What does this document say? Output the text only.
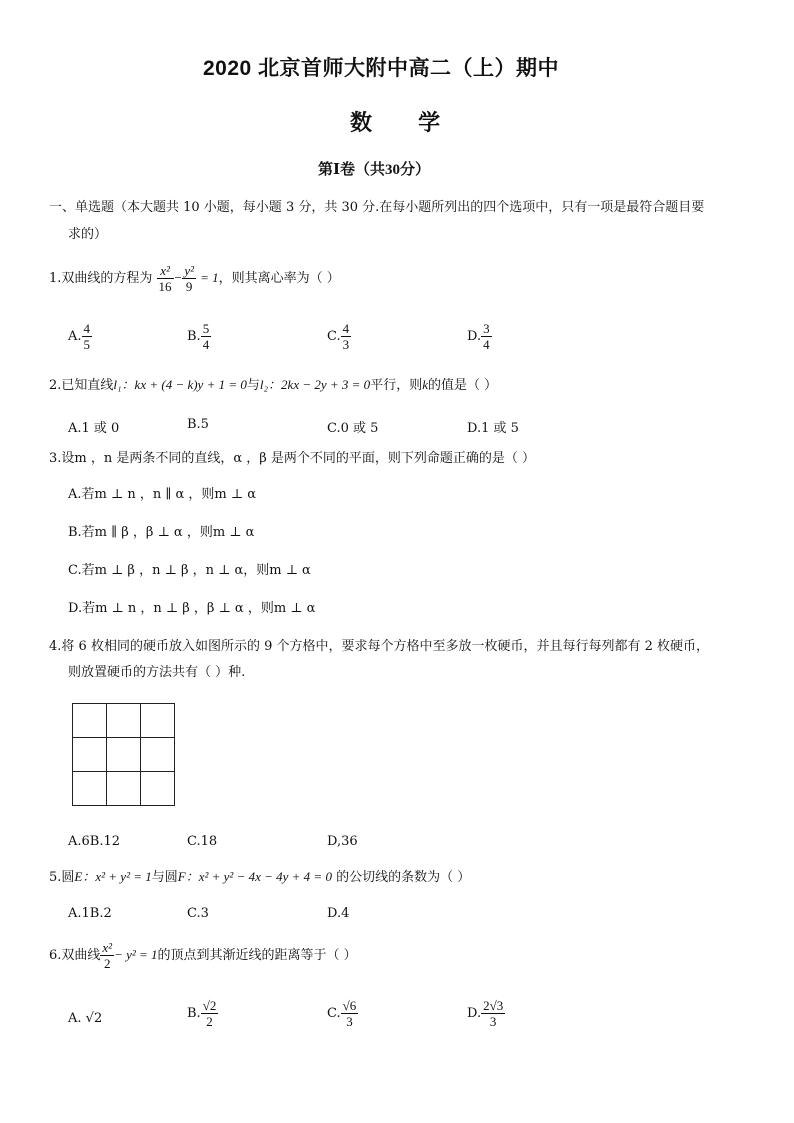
2020 北京首师大附中高二（上）期中
数 学
第Ⅰ卷（共30分）
一、单选题（本大题共 10 小题，每小题 3 分，共 30 分.在每小题所列出的四个选项中，只有一项是最符合题目要
求的）
1.双曲线的方程为 $\frac{\text{x²}}{16} - \frac{\text{y²}}{9} = 1$，则其离心率为（ ）
A. $\frac{4}{5}$	B. $\frac{5}{4}$	C. $\frac{4}{3}$	D. $\frac{3}{4}$
2.已知直线l₁：kx + (4 − k)y + 1 = 0与l₂：2kx − 2y + 3 = 0平行，则k的值是（ ）
A.1 或 0	B.5	C.0 或 5	D.1 或 5
3.设m ，n 是两条不同的直线，α ，β 是两个不同的平面，则下列命题正确的是（ ）
A.若m ⊥ n ，n ∥ α ，则m ⊥ α
B.若m ∥ β ，β ⊥ α ，则m ⊥ α
C.若m ⊥ β ，n ⊥ β ，n ⊥ α，则m ⊥ α
D.若m ⊥ n ，n ⊥ β ，β ⊥ α ，则m ⊥ α
4.将 6 枚相同的硬币放入如图所示的 9 个方格中，要求每个方格中至多放一枚硬币，并且每行每列都有 2 枚硬币，
则放置硬币的方法共有（ ）种.

A.6B.12	C.18	D,36
5.圆E：x² + y² = 1与圆F：x² + y² − 4x − 4y + 4 = 0 的公切线的条数为（ ）
A.1B.2	C.3	D.4
6.双曲线 $\frac{\text{x²}}{2} - y^2 = 1$的顶点到其渐近线的距离等于（ ）
A. √2	B. $\frac{√2}{2}$	C. $\frac{√6}{3}$	D. $\frac{2√3}{3}$
